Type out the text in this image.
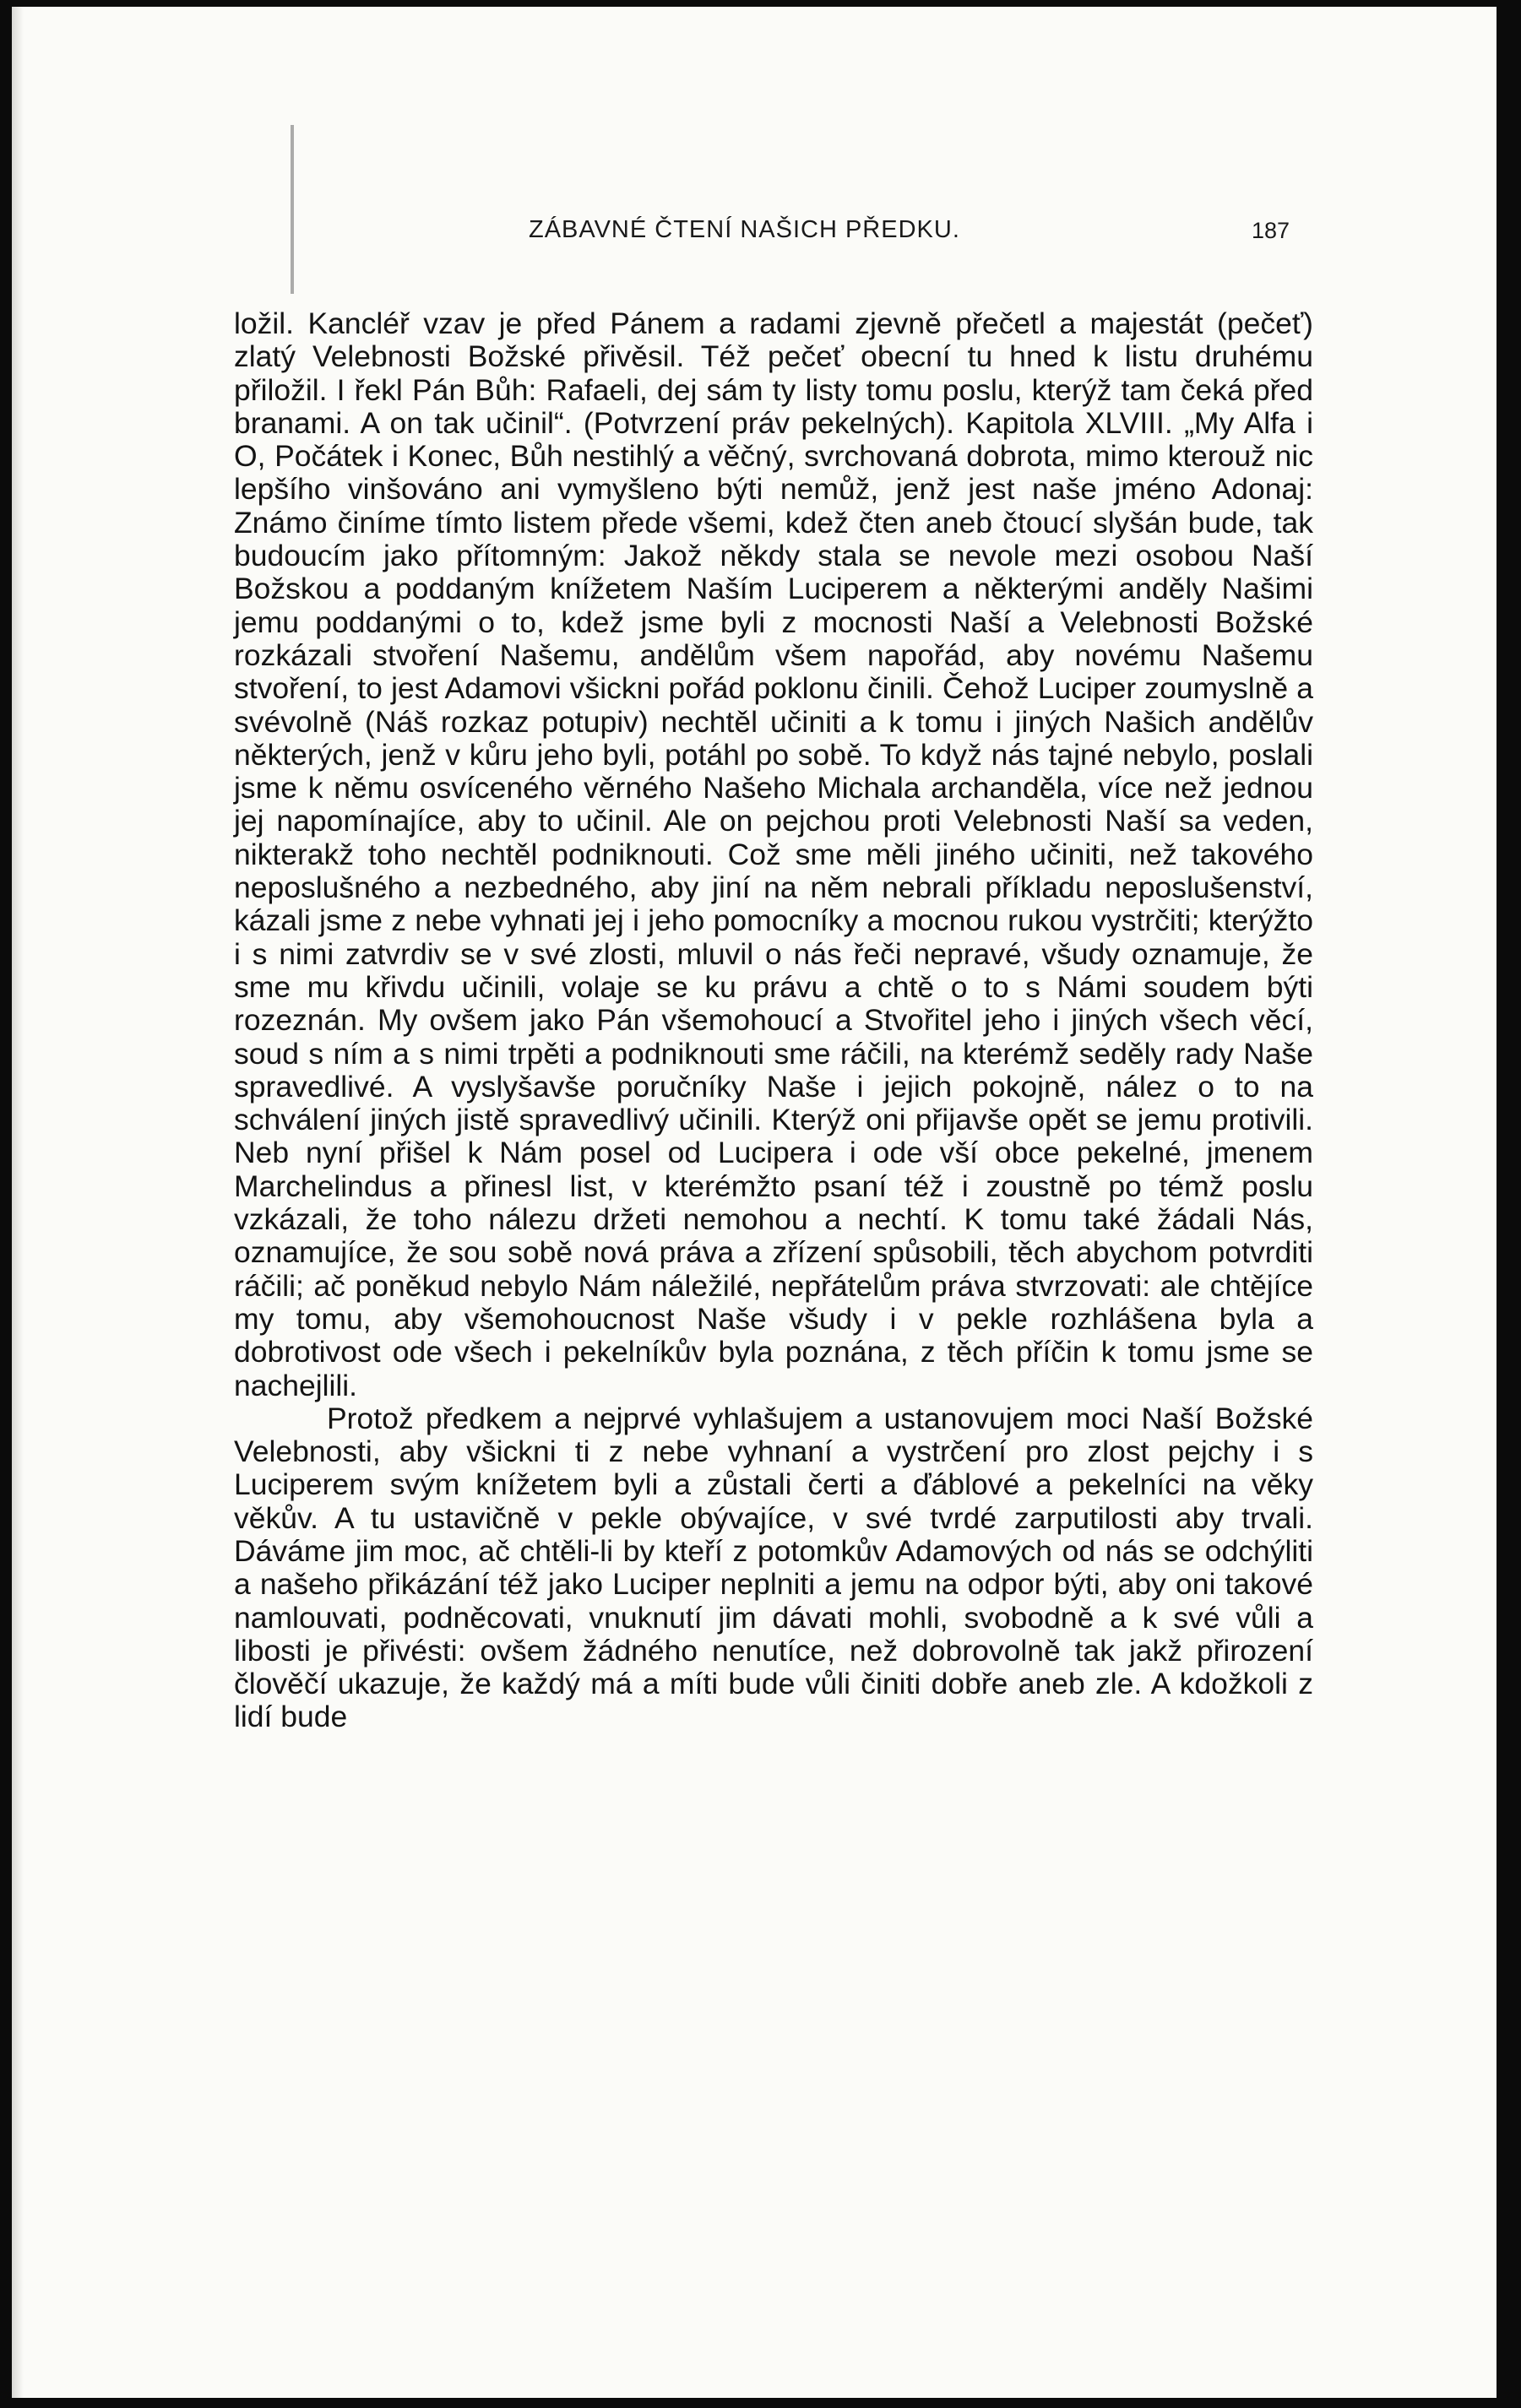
ZÁBAVNÉ ČTENÍ NAŠICH PŘEDKU.	187

ložil. Kancléř vzav je před Pánem a radami zjevně přečetl a majestát (pečeť) zlatý Velebnosti Božské přivěsil. Též pečeť obecní tu hned k listu druhému přiložil. I řekl Pán Bůh: Rafaeli, dej sám ty listy tomu poslu, kterýž tam čeká před branami. A on tak učinil“. (Potvrzení práv pekelných). Kapitola XLVIII. „My Alfa i O, Počátek i Konec, Bůh nestihlý a věčný, svrchovaná dobrota, mimo kterouž nic lepšího vinšováno ani vymyšleno býti nemůž, jenž jest naše jméno Adonaj: Známo činíme tímto listem přede všemi, kdež čten aneb čtoucí slyšán bude, tak budoucím jako přítomným: Jakož někdy stala se nevole mezi osobou Naší Božskou a poddaným knížetem Naším Luciperem a některými anděly Našimi jemu poddanými o to, kdež jsme byli z mocnosti Naší a Velebnosti Božské rozkázali stvoření Našemu, andělům všem napořád, aby novému Našemu stvoření, to jest Adamovi všickni pořád poklonu činili. Čehož Luciper zoumyslně a svévolně (Náš rozkaz potupiv) nechtěl učiniti a k tomu i jiných Našich andělův některých, jenž v kůru jeho byli, potáhl po sobě. To když nás tajné nebylo, poslali jsme k němu osvíceného věrného Našeho Michala archanděla, více než jednou jej napomínajíce, aby to učinil. Ale on pejchou proti Velebnosti Naší sa veden, nikterakž toho nechtěl podniknouti. Což sme měli jiného učiniti, než takového neposlušného a nezbedného, aby jiní na něm nebrali příkladu neposlušenství, kázali jsme z nebe vyhnati jej i jeho pomocníky a mocnou rukou vystrčiti; kterýžto i s nimi zatvrdiv se v své zlosti, mluvil o nás řeči nepravé, všudy oznamuje, že sme mu křivdu učinili, volaje se ku právu a chtě o to s Námi soudem býti rozeznán. My ovšem jako Pán všemohoucí a Stvořitel jeho i jiných všech věcí, soud s ním a s nimi trpěti a podniknouti sme ráčili, na kterémž seděly rady Naše spravedlivé. A vyslyšavše poručníky Naše i jejich pokojně, nález o to na schválení jiných jistě spravedlivý učinili. Kterýž oni přijavše opět se jemu protivili. Neb nyní přišel k Nám posel od Lucipera i ode vší obce pekelné, jmenem Marchelindus a přinesl list, v kterémžto psaní též i zoustně po témž poslu vzkázali, že toho nálezu držeti nemohou a nechtí. K tomu také žádali Nás, oznamujíce, že sou sobě nová práva a zřízení spůsobili, těch abychom potvrditi ráčili; ač poněkud nebylo Nám náležilé, nepřátelům práva stvrzovati: ale chtějíce my tomu, aby všemohoucnost Naše všudy i v pekle rozhlášena byla a dobrotivost ode všech i pekelníkův byla poznána, z těch příčin k tomu jsme se nachejlili.

Protož předkem a nejprvé vyhlašujem a ustanovujem moci Naší Božské Velebnosti, aby všickni ti z nebe vyhnaní a vystrčení pro zlost pejchy i s Luciperem svým knížetem byli a zůstali čerti a ďáblové a pekelníci na věky věkův. A tu ustavičně v pekle obývajíce, v své tvrdé zarputilosti aby trvali. Dáváme jim moc, ač chtěli-li by kteří z potomkův Adamových od nás se odchýliti a našeho přikázání též jako Luciper neplniti a jemu na odpor býti, aby oni takové namlouvati, podněcovati, vnuknutí jim dávati mohli, svobodně a k své vůli a libosti je přivésti: ovšem žádného nenutíce, než dobrovolně tak jakž přirození člověčí ukazuje, že každý má a míti bude vůli činiti dobře aneb zle. A kdožkoli z lidí bude
